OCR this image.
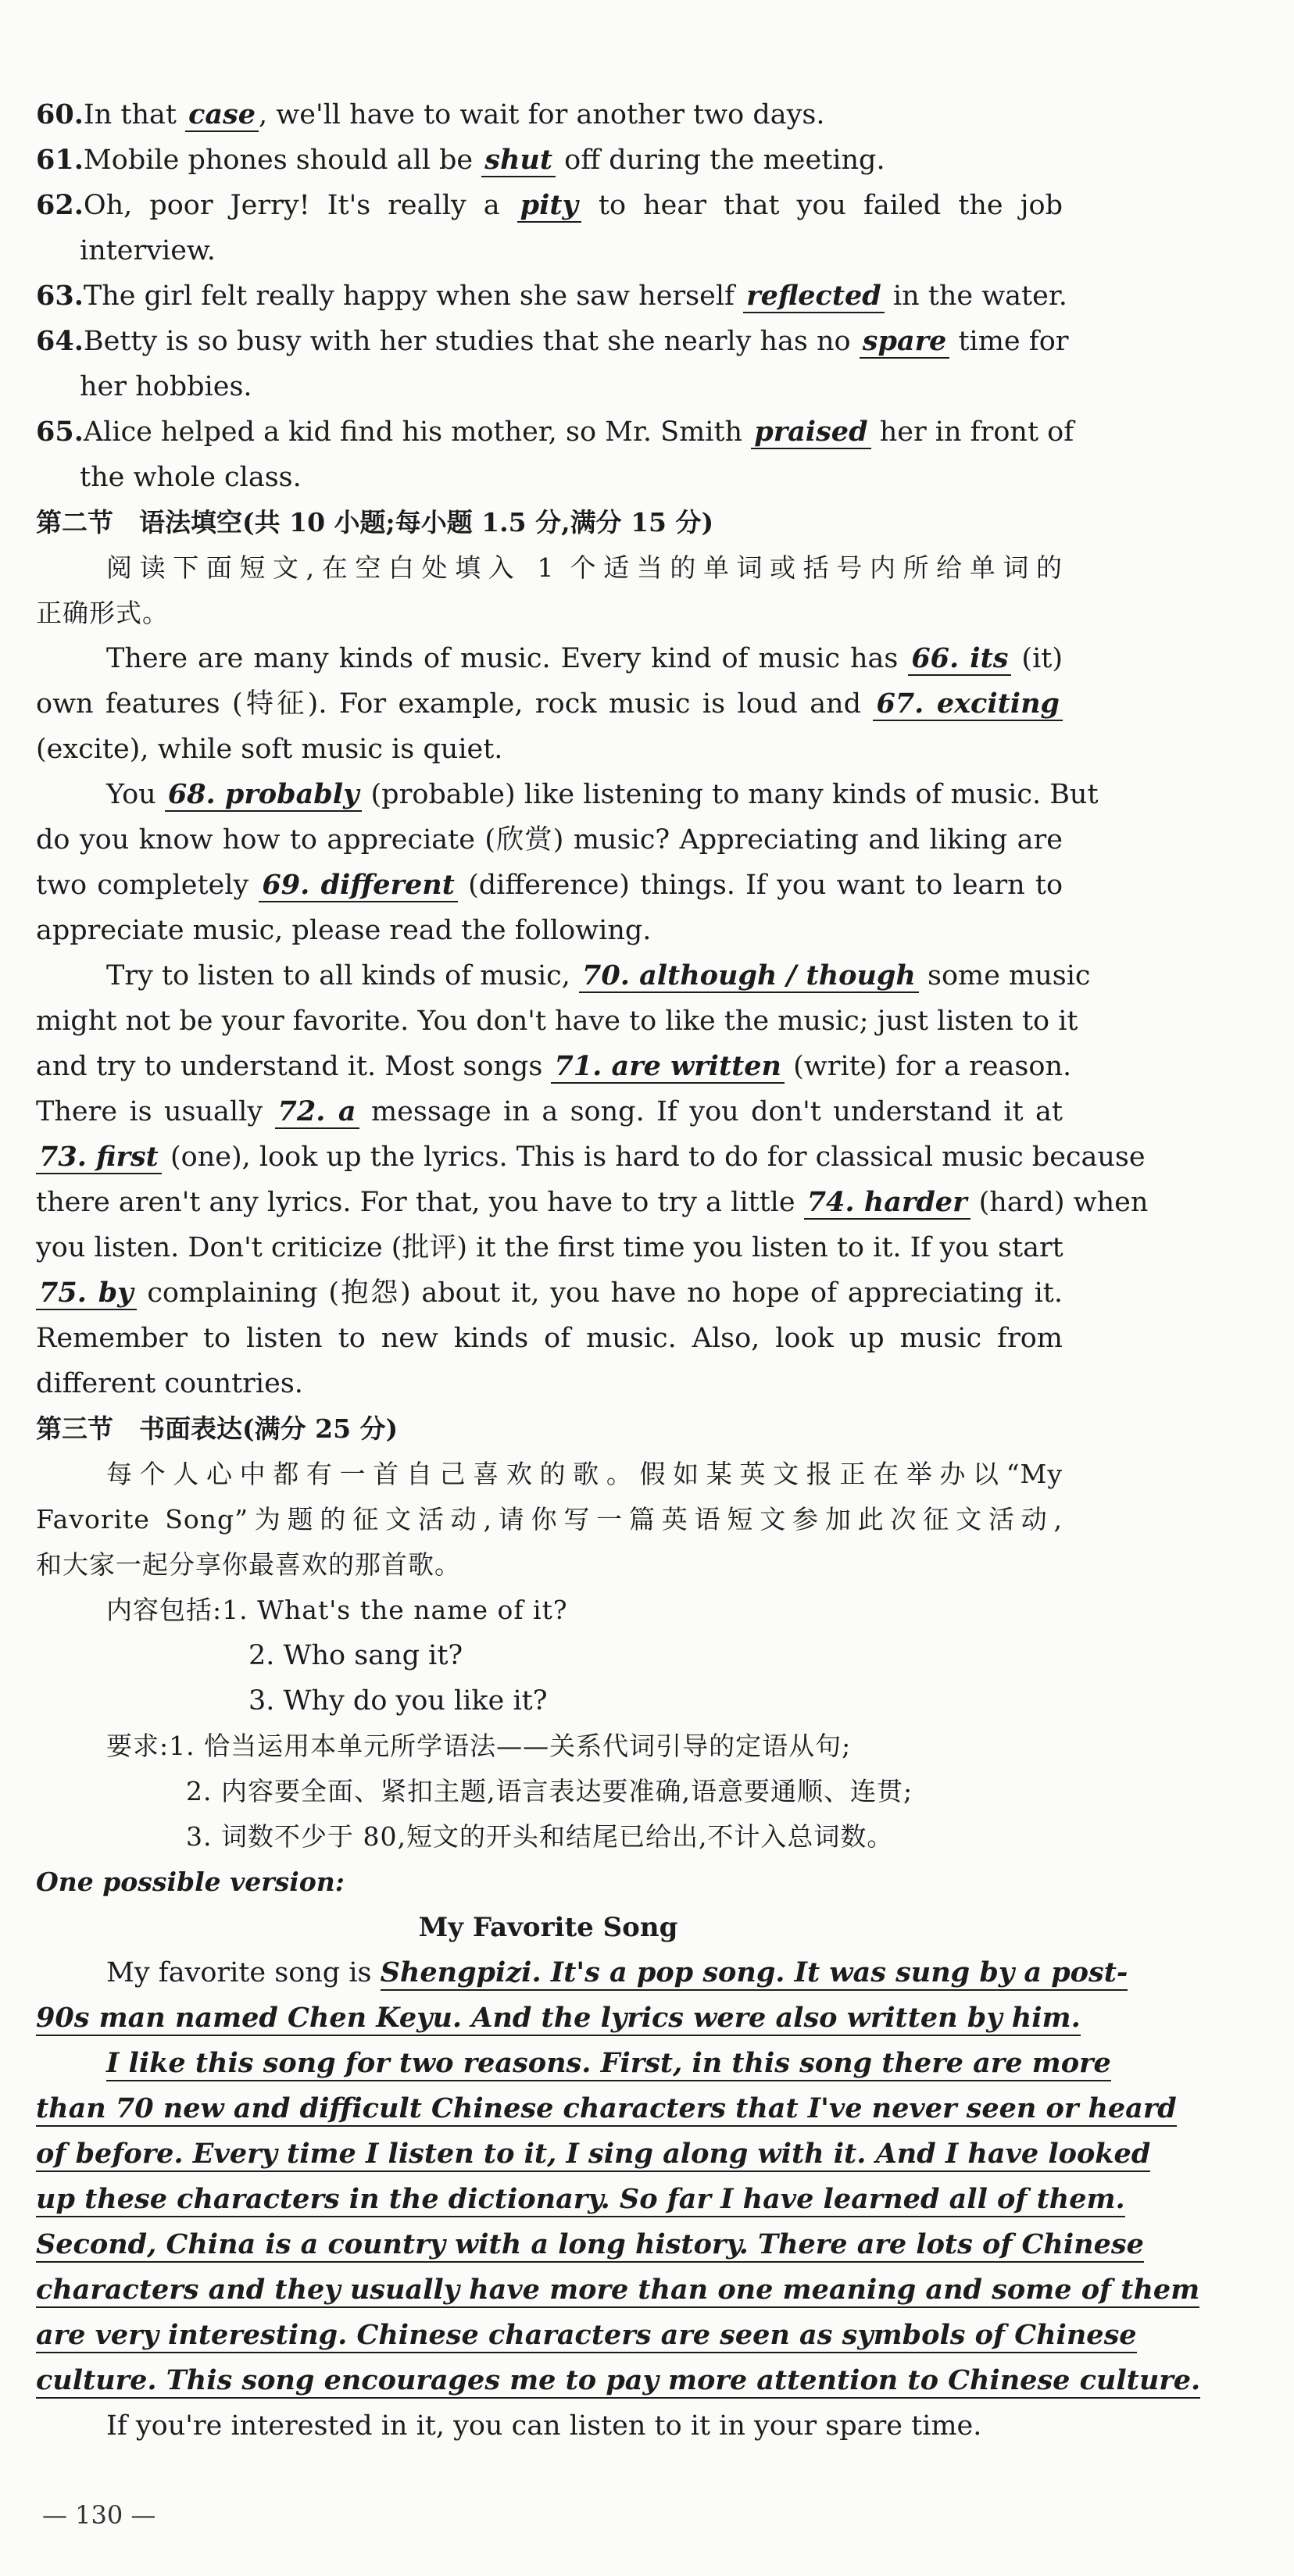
60.In that case , we'll have to wait for another two days.
61.Mobile phones should all be shut off during the meeting.
62.Oh, poor Jerry! It's really a pity to hear that you failed the job
interview.
63.The girl felt really happy when she saw herself reflected in the water.
64.Betty is so busy with her studies that she nearly has no spare time for
her hobbies.
65.Alice helped a kid find his mother, so Mr. Smith praised her in front of
the whole class.
第二节　语法填空(共 10 小题;每小题 1.5 分,满分 15 分)
阅读下面短文,在空白处填入 1 个适当的单词或括号内所给单词的
正确形式。
There are many kinds of music. Every kind of music has 66. its (it)
own features (特征). For example, rock music is loud and 67. exciting
(excite), while soft music is quiet.
You 68. probably (probable) like listening to many kinds of music. But
do you know how to appreciate (欣赏) music? Appreciating and liking are
two completely 69. different (difference) things. If you want to learn to
appreciate music, please read the following.
Try to listen to all kinds of music, 70. although / though some music
might not be your favorite. You don't have to like the music; just listen to it
and try to understand it. Most songs 71. are written (write) for a reason.
There is usually 72. a message in a song. If you don't understand it at
73. first (one), look up the lyrics. This is hard to do for classical music because
there aren't any lyrics. For that, you have to try a little 74. harder (hard) when
you listen. Don't criticize (批评) it the first time you listen to it. If you start
75. by complaining (抱怨) about it, you have no hope of appreciating it.
Remember to listen to new kinds of music. Also, look up music from
different countries.
第三节　书面表达(满分 25 分)
每个人心中都有一首自己喜欢的歌。假如某英文报正在举办以“My
Favorite Song”为题的征文活动,请你写一篇英语短文参加此次征文活动,
和大家一起分享你最喜欢的那首歌。
内容包括:1. What's the name of it?
2. Who sang it?
3. Why do you like it?
要求:1. 恰当运用本单元所学语法——关系代词引导的定语从句;
2. 内容要全面、紧扣主题,语言表达要准确,语意要通顺、连贯;
3. 词数不少于 80,短文的开头和结尾已给出,不计入总词数。
One possible version:
My Favorite Song
My favorite song is Shengpizi. It's a pop song. It was sung by a post-
90s man named Chen Keyu. And the lyrics were also written by him.
I like this song for two reasons. First, in this song there are more
than 70 new and difficult Chinese characters that I've never seen or heard
of before. Every time I listen to it, I sing along with it. And I have looked
up these characters in the dictionary. So far I have learned all of them.
Second, China is a country with a long history. There are lots of Chinese
characters and they usually have more than one meaning and some of them
are very interesting. Chinese characters are seen as symbols of Chinese
culture. This song encourages me to pay more attention to Chinese culture.
If you're interested in it, you can listen to it in your spare time.
— 130 —
